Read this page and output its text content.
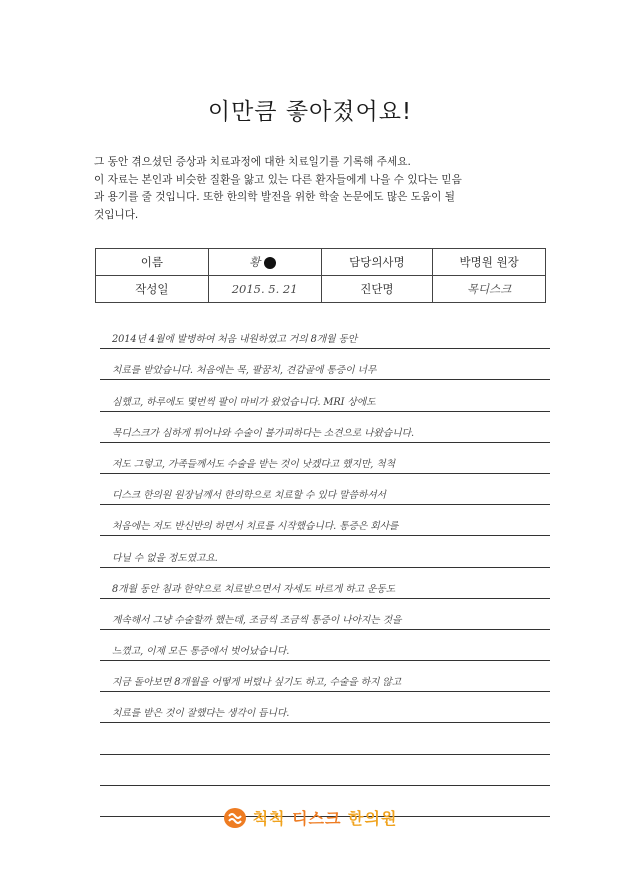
이만큼 좋아졌어요!
그 동안 겪으셨던 증상과 치료과정에 대한 치료일기를 기록해 주세요.
이 자료는 본인과 비슷한 질환을 앓고 있는 다른 환자들에게 나을 수 있다는 믿음
과 용기를 줄 것입니다. 또한 한의학 발전을 위한 학술 논문에도 많은 도움이 될
것입니다.
이름	황	담당의사명	박명원 원장
작성일	2015. 5. 21	진단명	목디스크
2014년 4월에 발병하여 처음 내원하였고 거의 8개월 동안
치료를 받았습니다. 처음에는 목, 팔꿈치, 견갑골에 통증이 너무
심했고, 하루에도 몇번씩 팔이 마비가 왔었습니다. MRI 상에도
목디스크가 심하게 튀어나와 수술이 불가피하다는 소견으로 나왔습니다.
저도 그렇고, 가족들께서도 수술을 받는 것이 낫겠다고 했지만, 척척
디스크 한의원 원장님께서 한의학으로 치료할 수 있다 말씀하셔서
처음에는 저도 반신반의 하면서 치료를 시작했습니다. 통증은 회사를
다닐 수 없을 정도였고요.
8개월 동안 침과 한약으로 치료받으면서 자세도 바르게 하고 운동도
계속해서 그냥 수술할까 했는데, 조금씩 조금씩 통증이 나아지는 것을
느꼈고, 이제 모든 통증에서 벗어났습니다.
지금 돌아보면 8개월을 어떻게 버텼나 싶기도 하고, 수술을 하지 않고
치료를 받은 것이 잘했다는 생각이 듭니다.
척척 디스크 한의원
